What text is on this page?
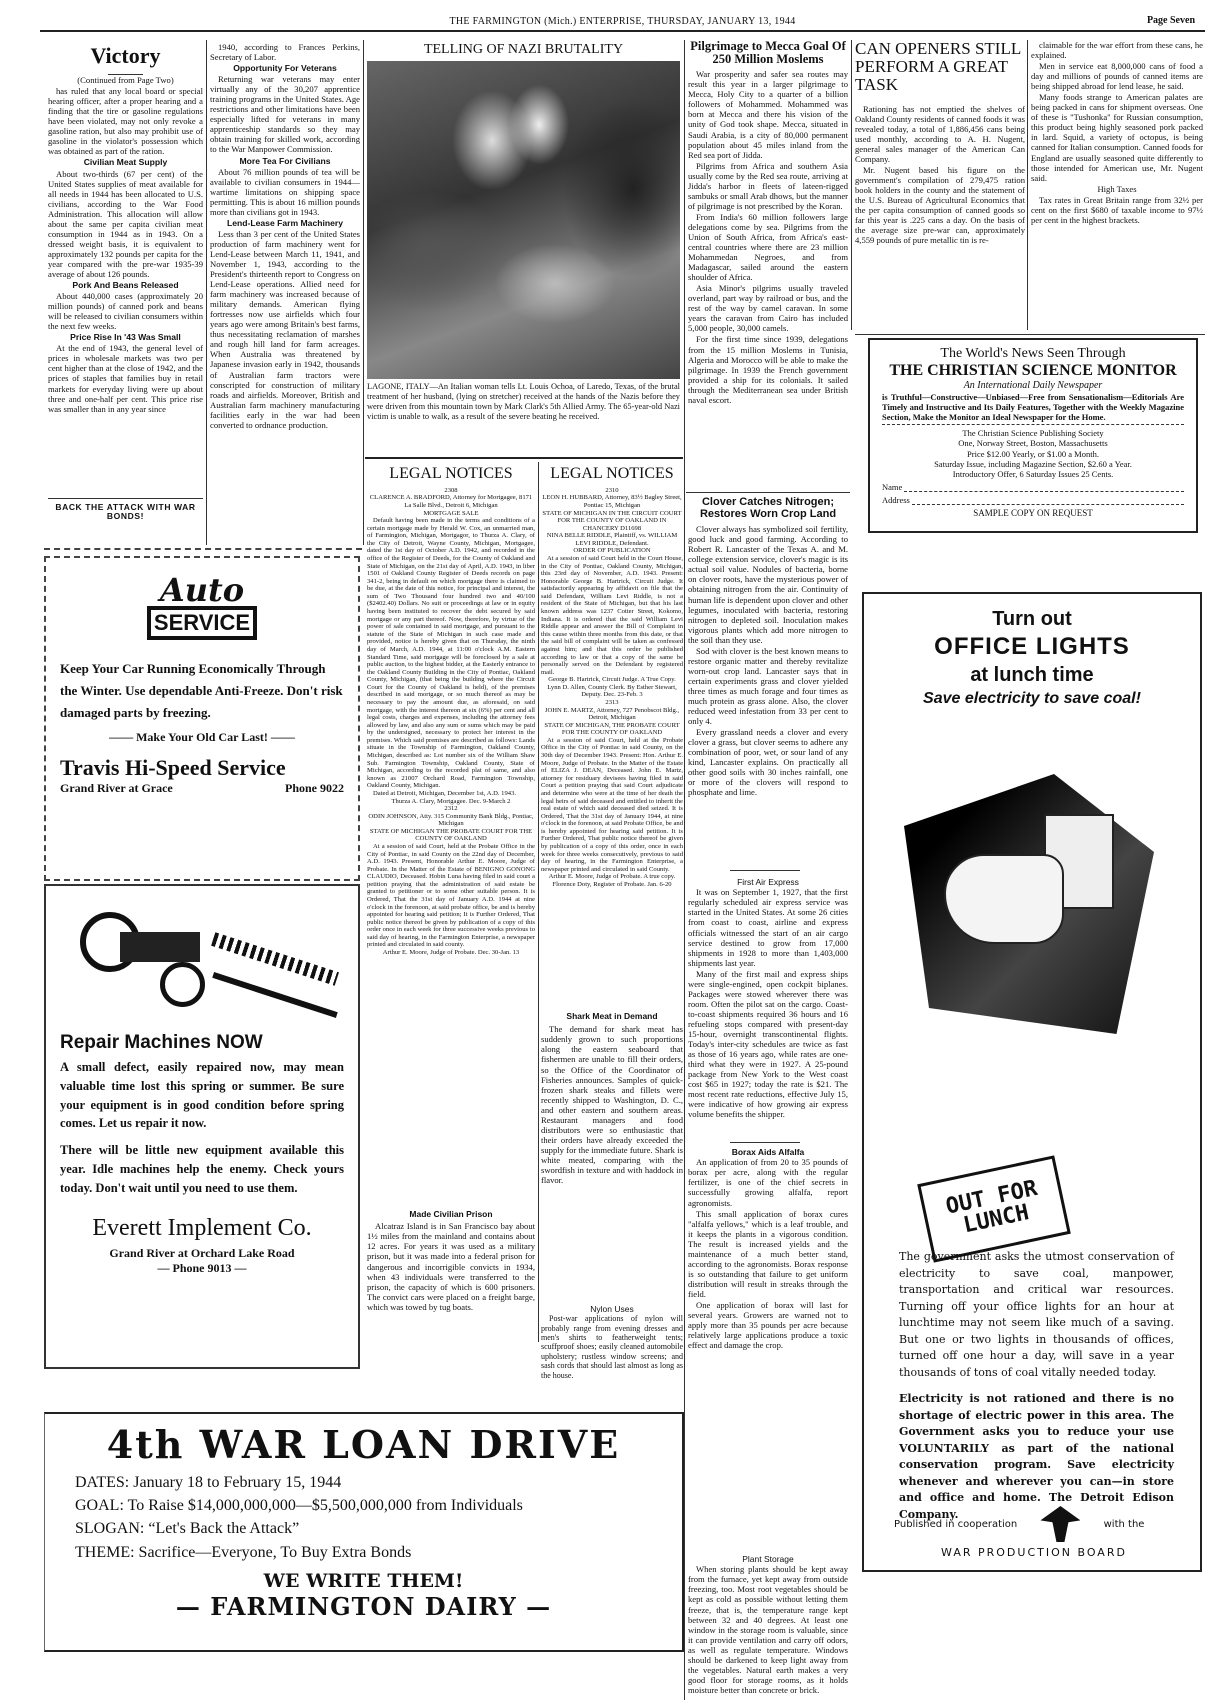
THE FARMINGTON (Mich.) ENTERPRISE, THURSDAY, JANUARY 13, 1944	Page Seven
Victory
(Continued from Page Two)

has ruled that any local board or special hearing officer, after a proper hearing and a finding that the tire or gasoline regulations have been violated, may not only revoke a gasoline ration, but also may prohibit use of gasoline in the violator's possession which was obtained as part of the ration.

Civilian Meat Supply

About two-thirds (67 per cent) of the United States supplies of meat available for all needs in 1944 has been allocated to U.S. civilians, according to the War Food Administration. This allocation will allow about the same per capita civilian meat consumption in 1944 as in 1943. On a dressed weight basis, it is equivalent to approximately 132 pounds per capita for the year compared with the pre-war 1935-39 average of about 126 pounds.

Pork And Beans Released

About 440,000 cases (approximately 20 million pounds) of canned pork and beans will be released to civilian consumers within the next few weeks.

Price Rise In '43 Was Small

At the end of 1943, the general level of prices in wholesale markets was two per cent higher than at the close of 1942, and the prices of staples that families buy in retail markets for everyday living were up about three and one-half per cent. This price rise was smaller than in any year since

BACK THE ATTACK WITH WAR BONDS!

1940, according to Frances Perkins, Secretary of Labor.

Opportunity For Veterans

Returning war veterans may enter virtually any of the 30,207 apprentice training programs in the United States. Age restrictions and other limitations have been especially lifted for veterans in many apprenticeship standards so they may obtain training for skilled work, according to the War Manpower Commission.

More Tea For Civilians

About 76 million pounds of tea will be available to civilian consumers in 1944—wartime limitations on shipping space permitting. This is about 16 million pounds more than civilians got in 1943.

Lend-Lease Farm Machinery

Less than 3 per cent of the United States production of farm machinery went for Lend-Lease between March 11, 1941, and November 1, 1943, according to the President's thirteenth report to Congress on Lend-Lease operations. Allied need for farm machinery was increased because of military demands. American flying fortresses now use airfields which four years ago were among Britain's best farms, thus necessitating reclamation of marshes and rough hill land for farm acreages. When Australia was threatened by Japanese invasion early in 1942, thousands of Australian farm tractors were conscripted for construction of military roads and airfields. Moreover, British and Australian farm machinery manufacturing facilities early in the war had been converted to ordnance production.

TELLING OF NAZI BRUTALITY
LAGONE, ITALY—An Italian woman tells Lt. Louis Ochoa, of Laredo, Texas, of the brutal treatment of her husband, (lying on stretcher) received at the hands of the Nazis before they were driven from this mountain town by Mark Clark's 5th Allied Army. The 65-year-old Nazi victim is unable to walk, as a result of the severe beating he received.
LEGAL NOTICES

2308

CLARENCE A. BRADFORD, Attorney for Mortgagee, 8171 La Salle Blvd., Detroit 6, Michigan

MORTGAGE SALE

Default having been made in the terms and conditions of a certain mortgage made by Herald W. Cox, an unmarried man, of Farmington, Michigan, Mortgagor, to Thurza A. Clary, of the City of Detroit, Wayne County, Michigan, Mortgagee, dated the 1st day of October A.D. 1942, and recorded in the office of the Register of Deeds, for the County of Oakland and State of Michigan, on the 21st day of April, A.D. 1943, in liber 1501 of Oakland County Register of Deeds records on page 341-2, being in default on which mortgage there is claimed to be due, at the date of this notice, for principal and interest, the sum of Two Thousand four hundred two and 40/100 ($2402.40) Dollars. No suit or proceedings at law or in equity having been instituted to recover the debt secured by said mortgage or any part thereof. Now, therefore, by virtue of the power of sale contained in said mortgage, and pursuant to the statute of the State of Michigan in such case made and provided, notice is hereby given that on Thursday, the ninth day of March, A.D. 1944, at 11:00 o'clock A.M. Eastern Standard Time, said mortgage will be foreclosed by a sale at public auction, to the highest bidder, at the Easterly entrance to the Oakland County Building in the City of Pontiac, Oakland County, Michigan, (that being the building where the Circuit Court for the County of Oakland is held), of the premises described in said mortgage, or so much thereof as may be necessary to pay the amount due, as aforesaid, on said mortgage, with the interest thereon at six (6%) per cent and all legal costs, charges and expenses, including the attorney fees allowed by law, and also any sum or sums which may be paid by the undersigned, necessary to protect her interest in the premises. Which said premises are described as follows: Lands situate in the Township of Farmington, Oakland County, Michigan, described as: Lot number six of the William Shaw Sub. Farmington Township, Oakland County, State of Michigan, according to the recorded plat of same, and also known as 21007 Orchard Road, Farmington Township, Oakland County, Michigan.

Dated at Detroit, Michigan, December 1st, A.D. 1943.

Thurza A. Clary, Mortgagee. Dec. 9-March 2

2312

ODIN JOHNSON, Atty. 315 Community Bank Bldg., Pontiac, Michigan

STATE OF MICHIGAN THE PROBATE COURT FOR THE COUNTY OF OAKLAND

At a session of said Court, held at the Probate Office in the City of Pontiac, in said County on the 22nd day of December, A.D. 1943. Present, Honorable Arthur E. Moore, Judge of Probate. In the Matter of the Estate of BENIGNO GONONG CLAUDIO, Deceased. Hobin Luna having filed in said court a petition praying that the administration of said estate be granted to petitioner or to some other suitable person. It is Ordered, That the 31st day of January A.D. 1944 at nine o'clock in the forenoon, at said probate office, be and is hereby appointed for hearing said petition; It is Further Ordered, That public notice thereof be given by publication of a copy of this order once in each week for three successive weeks previous to said day of hearing, in the Farmington Enterprise, a newspaper printed and circulated in said county.

Arthur E. Moore, Judge of Probate. Dec. 30-Jan. 13

LEGAL NOTICES

2310

LEON H. HUBBARD, Attorney, 83½ Bagley Street, Pontiac 15, Michigan

STATE OF MICHIGAN IN THE CIRCUIT COURT FOR THE COUNTY OF OAKLAND IN CHANCERY D11698

NINA BELLE RIDDLE, Plaintiff, vs. WILLIAM LEVI RIDDLE, Defendant.

ORDER OF PUBLICATION

At a session of said Court held in the Court House, in the City of Pontiac, Oakland County, Michigan, this 23rd day of November, A.D. 1943. Present: Honorable George B. Hartrick, Circuit Judge. It satisfactorily appearing by affidavit on file that the said Defendant, William Levi Riddle, is not a resident of the State of Michigan, but that his last known address was 1237 Cotter Street, Kokomo, Indiana. It is ordered that the said William Levi Riddle appear and answer the Bill of Complaint in this cause within three months from this date, or that the said bill of complaint will be taken as confessed against him; and that this order be published according to law or that a copy of the same be personally served on the Defendant by registered mail.

George B. Hartrick, Circuit Judge. A True Copy. Lynn D. Allen, County Clerk. By Esther Stewart, Deputy. Dec. 23-Feb. 3

2313

JOHN E. MARTZ, Attorney, 727 Penobscot Bldg., Detroit, Michigan

STATE OF MICHIGAN, THE PROBATE COURT FOR THE COUNTY OF OAKLAND

At a session of said Court, held at the Probate Office in the City of Pontiac in said County, on the 30th day of December 1943. Present: Hon. Arthur E. Moore, Judge of Probate. In the Matter of the Estate of ELIZA J. DEAN, Deceased. John E. Martz, attorney for residuary devisees having filed in said Court a petition praying that said Court adjudicate and determine who were at the time of her death the legal heirs of said deceased and entitled to inherit the real estate of which said deceased died seized. It is Ordered, That the 31st day of January 1944, at nine o'clock in the forenoon, at said Probate Office, be and is hereby appointed for hearing said petition. It is Further Ordered, That public notice thereof be given by publication of a copy of this order, once in each week for three weeks consecutively, previous to said day of hearing, in the Farmington Enterprise, a newspaper printed and circulated in said County.

Arthur E. Moore, Judge of Probate. A true copy. Florence Doty, Register of Probate. Jan. 6-20

Shark Meat in Demand
The demand for shark meat has suddenly grown to such proportions along the eastern seaboard that fishermen are unable to fill their orders, so the Office of the Coordinator of Fisheries announces. Samples of quick-frozen shark steaks and fillets were recently shipped to Washington, D. C., and other eastern and southern areas. Restaurant managers and food distributors were so enthusiastic that their orders have already exceeded the supply for the immediate future. Shark is white meated, comparing with the swordfish in texture and with haddock in flavor.
Made Civilian Prison
Alcatraz Island is in San Francisco bay about 1½ miles from the mainland and contains about 12 acres. For years it was used as a military prison, but it was made into a federal prison for dangerous and incorrigible convicts in 1934, when 43 individuals were transferred to the prison, the capacity of which is 600 prisoners. The convict cars were placed on a freight barge, which was towed by tug boats.	Nylon Uses
Post-war applications of nylon will probably range from evening dresses and men's shirts to featherweight tents; scuffproof shoes; easily cleaned automobile upholstery; rustless window screens; and sash cords that should last almost as long as the house.
Pilgrimage to Mecca Goal Of 250 Million Moslems

War prosperity and safer sea routes may result this year in a larger pilgrimage to Mecca, Holy City to a quarter of a billion followers of Mohammed. Mohammed was born at Mecca and there his vision of the unity of God took shape. Mecca, situated in Saudi Arabia, is a city of 80,000 permanent population about 45 miles inland from the Red sea port of Jidda.

Pilgrims from Africa and southern Asia usually come by the Red sea route, arriving at Jidda's harbor in fleets of lateen-rigged sambuks or small Arab dhows, but the manner of pilgrimage is not prescribed by the Koran.

From India's 60 million followers large delegations come by sea. Pilgrims from the Union of South Africa, from Africa's east-central countries where there are 23 million Mohammedan Negroes, and from Madagascar, sailed around the eastern shoulder of Africa.

Asia Minor's pilgrims usually traveled overland, part way by railroad or bus, and the rest of the way by camel caravan. In some years the caravan from Cairo has included 5,000 people, 30,000 camels.

For the first time since 1939, delegations from the 15 million Moslems in Tunisia, Algeria and Morocco will be able to make the pilgrimage. In 1939 the French government provided a ship for its colonials. It sailed through the Mediterranean sea under British naval escort.

Clover Catches Nitrogen; Restores Worn Crop Land

Clover always has symbolized soil fertility, good luck and good farming. According to Robert R. Lancaster of the Texas A. and M. college extension service, clover's magic is its actual soil value. Nodules of bacteria, borne on clover roots, have the mysterious power of obtaining nitrogen from the air. Continuity of human life is dependent upon clover and other legumes, inoculated with bacteria, restoring nitrogen to depleted soil. Inoculation makes vigorous plants which add more nitrogen to the soil than they use.

Sod with clover is the best known means to restore organic matter and thereby revitalize worn-out crop land. Lancaster says that in certain experiments grass and clover yielded three times as much forage and four times as much protein as grass alone. Also, the clover reduced weed infestation from 33 per cent to only 4.

Every grassland needs a clover and every clover a grass, but clover seems to adhere any combination of poor, wet, or sour land of any kind, Lancaster explains. On practically all other good soils with 30 inches rainfall, one or more of the clovers will respond to phosphate and lime.

First Air Express

It was on September 1, 1927, that the first regularly scheduled air express service was started in the United States. At some 26 cities from coast to coast, airline and express officials witnessed the start of an air cargo service destined to grow from 17,000 shipments in 1928 to more than 1,403,000 shipments last year.

Many of the first mail and express ships were single-engined, open cockpit biplanes. Packages were stowed wherever there was room. Often the pilot sat on the cargo. Coast-to-coast shipments required 36 hours and 16 refueling stops compared with present-day 15-hour, overnight transcontinental flights. Today's inter-city schedules are twice as fast as those of 16 years ago, while rates are one-third what they were in 1927. A 25-pound package from New York to the West coast cost $65 in 1927; today the rate is $21. The most recent rate reductions, effective July 15, were indicative of how growing air express volume benefits the shipper.

Borax Aids Alfalfa

An application of from 20 to 35 pounds of borax per acre, along with the regular fertilizer, is one of the chief secrets in successfully growing alfalfa, report agronomists.

This small application of borax cures "alfalfa yellows," which is a leaf trouble, and it keeps the plants in a vigorous condition. The result is increased yields and the maintenance of a much better stand, according to the agronomists. Borax response is so outstanding that failure to get uniform distribution will result in streaks through the field.

One application of borax will last for several years. Growers are warned not to apply more than 35 pounds per acre because relatively large applications produce a toxic effect and damage the crop.

Plant Storage
When storing plants should be kept away from the furnace, yet kept away from outside freezing, too. Most root vegetables should be kept as cold as possible without letting them freeze, that is, the temperature range kept between 32 and 40 degrees. At least one window in the storage room is valuable, since it can provide ventilation and carry off odors, as well as regulate temperature. Windows should be darkened to keep light away from the vegetables. Natural earth makes a very good floor for storage rooms, as it holds moisture better than concrete or brick.
CAN OPENERS STILL PERFORM A GREAT TASK

Rationing has not emptied the shelves of Oakland County residents of canned foods it was revealed today, a total of 1,886,456 cans being used monthly, according to A. H. Nugent, general sales manager of the American Can Company.

Mr. Nugent based his figure on the government's compilation of 279,475 ration book holders in the county and the statement of the U.S. Bureau of Agricultural Economics that the per capita consumption of canned goods so far this year is .225 cans a day. On the basis of the average size pre-war can, approximately 4,559 pounds of pure metallic tin is re-

claimable for the war effort from these cans, he explained.

Men in service eat 8,000,000 cans of food a day and millions of pounds of canned items are being shipped abroad for lend lease, he said.

Many foods strange to American palates are being packed in cans for shipment overseas. One of these is "Tushonka" for Russian consumption, this product being highly seasoned pork packed in lard. Squid, a variety of octopus, is being canned for Italian consumption. Canned foods for England are usually seasoned quite differently to those intended for American use, Mr. Nugent said.

High Taxes

Tax rates in Great Britain range from 32½ per cent on the first $680 of taxable income to 97½ per cent in the highest brackets.

The World's News Seen Through
THE CHRISTIAN SCIENCE MONITOR
An International Daily Newspaper
is Truthful—Constructive—Unbiased—Free from Sensationalism—Editorials Are Timely and Instructive and Its Daily Features, Together with the Weekly Magazine Section, Make the Monitor an Ideal Newspaper for the Home.
The Christian Science Publishing Society
One, Norway Street, Boston, Massachusetts
Price $12.00 Yearly, or $1.00 a Month.
Saturday Issue, including Magazine Section, $2.60 a Year.
Introductory Offer, 6 Saturday Issues 25 Cents.
Name
Address
SAMPLE COPY ON REQUEST
Turn out
OFFICE LIGHTS
at lunch time
Save electricity to save coal!
OUT FOR LUNCH

The government asks the utmost conservation of electricity to save coal, manpower, transportation and critical war resources. Turning off your office lights for an hour at lunchtime may not seem like much of a saving. But one or two lights in thousands of offices, turned off one hour a day, will save in a year thousands of tons of coal vitally needed today.

Electricity is not rationed and there is no shortage of electric power in this area. The Government asks you to reduce your use VOLUNTARILY as part of the national conservation program. Save electricity whenever and wherever you can—in store and office and home. The Detroit Edison Company.

Published in cooperation	with the
WAR PRODUCTION BOARD
Auto
SERVICE
Keep Your Car Running Economically Through the Winter. Use dependable Anti-Freeze. Don't risk damaged parts by freezing.
—— Make Your Old Car Last! ——
Travis Hi-Speed Service
Grand River at Grace	Phone 9022
Repair Machines NOW
A small defect, easily repaired now, may mean valuable time lost this spring or summer. Be sure your equipment is in good condition before spring comes. Let us repair it now.
There will be little new equipment available this year. Idle machines help the enemy. Check yours today. Don't wait until you need to use them.
Everett Implement Co.
Grand River at Orchard Lake Road
— Phone 9013 —
4th WAR LOAN DRIVE
DATES: January 18 to February 15, 1944
GOAL: To Raise $14,000,000,000—$5,500,000,000 from Individuals
SLOGAN: “Let's Back the Attack”
THEME: Sacrifice—Everyone, To Buy Extra Bonds
WE WRITE THEM!
— FARMINGTON DAIRY —
